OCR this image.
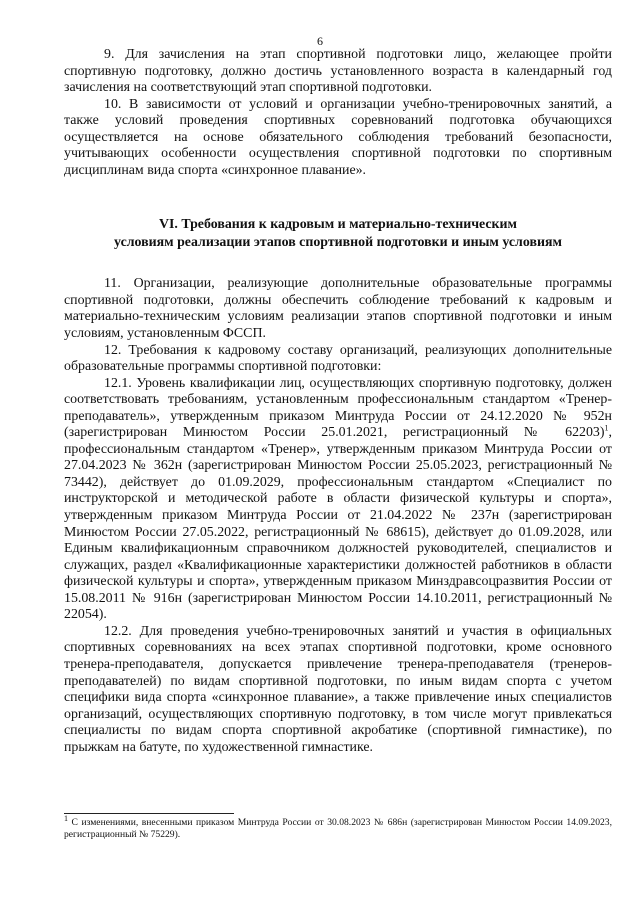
6

9. Для зачисления на этап спортивной подготовки лицо, желающее пройти спортивную подготовку, должно достичь установленного возраста в календарный год зачисления на соответствующий этап спортивной подготовки.

10. В зависимости от условий и организации учебно-тренировочных занятий, а также условий проведения спортивных соревнований подготовка обучающихся осуществляется на основе обязательного соблюдения требований безопасности, учитывающих особенности осуществления спортивной подготовки по спортивным дисциплинам вида спорта «синхронное плавание».

VI. Требования к кадровым и материально-техническим
условиям реализации этапов спортивной подготовки и иным условиям

11. Организации, реализующие дополнительные образовательные программы спортивной подготовки, должны обеспечить соблюдение требований к кадровым и материально-техническим условиям реализации этапов спортивной подготовки и иным условиям, установленным ФССП.

12. Требования к кадровому составу организаций, реализующих дополнительные образовательные программы спортивной подготовки:

12.1. Уровень квалификации лиц, осуществляющих спортивную подготовку, должен соответствовать требованиям, установленным профессиональным стандартом «Тренер-преподаватель», утвержденным приказом Минтруда России от 24.12.2020 № 952н (зарегистрирован Минюстом России 25.01.2021, регистрационный № 62203)$^1$, профессиональным стандартом «Тренер», утвержденным приказом Минтруда России от 27.04.2023 № 362н (зарегистрирован Минюстом России 25.05.2023, регистрационный № 73442), действует до 01.09.2029, профессиональным стандартом «Специалист по инструкторской и методической работе в области физической культуры и спорта», утвержденным приказом Минтруда России от 21.04.2022 № 237н (зарегистрирован Минюстом России 27.05.2022, регистрационный № 68615), действует до 01.09.2028, или Единым квалификационным справочником должностей руководителей, специалистов и служащих, раздел «Квалификационные характеристики должностей работников в области физической культуры и спорта», утвержденным приказом Минздравсоцразвития России от 15.08.2011 № 916н (зарегистрирован Минюстом России 14.10.2011, регистрационный № 22054).

12.2. Для проведения учебно-тренировочных занятий и участия в официальных спортивных соревнованиях на всех этапах спортивной подготовки, кроме основного тренера-преподавателя, допускается привлечение тренера-преподавателя (тренеров-преподавателей) по видам спортивной подготовки, по иным видам спорта с учетом специфики вида спорта «синхронное плавание», а также привлечение иных специалистов организаций, осуществляющих спортивную подготовку, в том числе могут привлекаться специалисты по видам спорта спортивной акробатике (спортивной гимнастике), по прыжкам на батуте, по художественной гимнастике.

$^1$ С изменениями, внесенными приказом Минтруда России от 30.08.2023 № 686н (зарегистрирован Минюстом России 14.09.2023, регистрационный № 75229).
